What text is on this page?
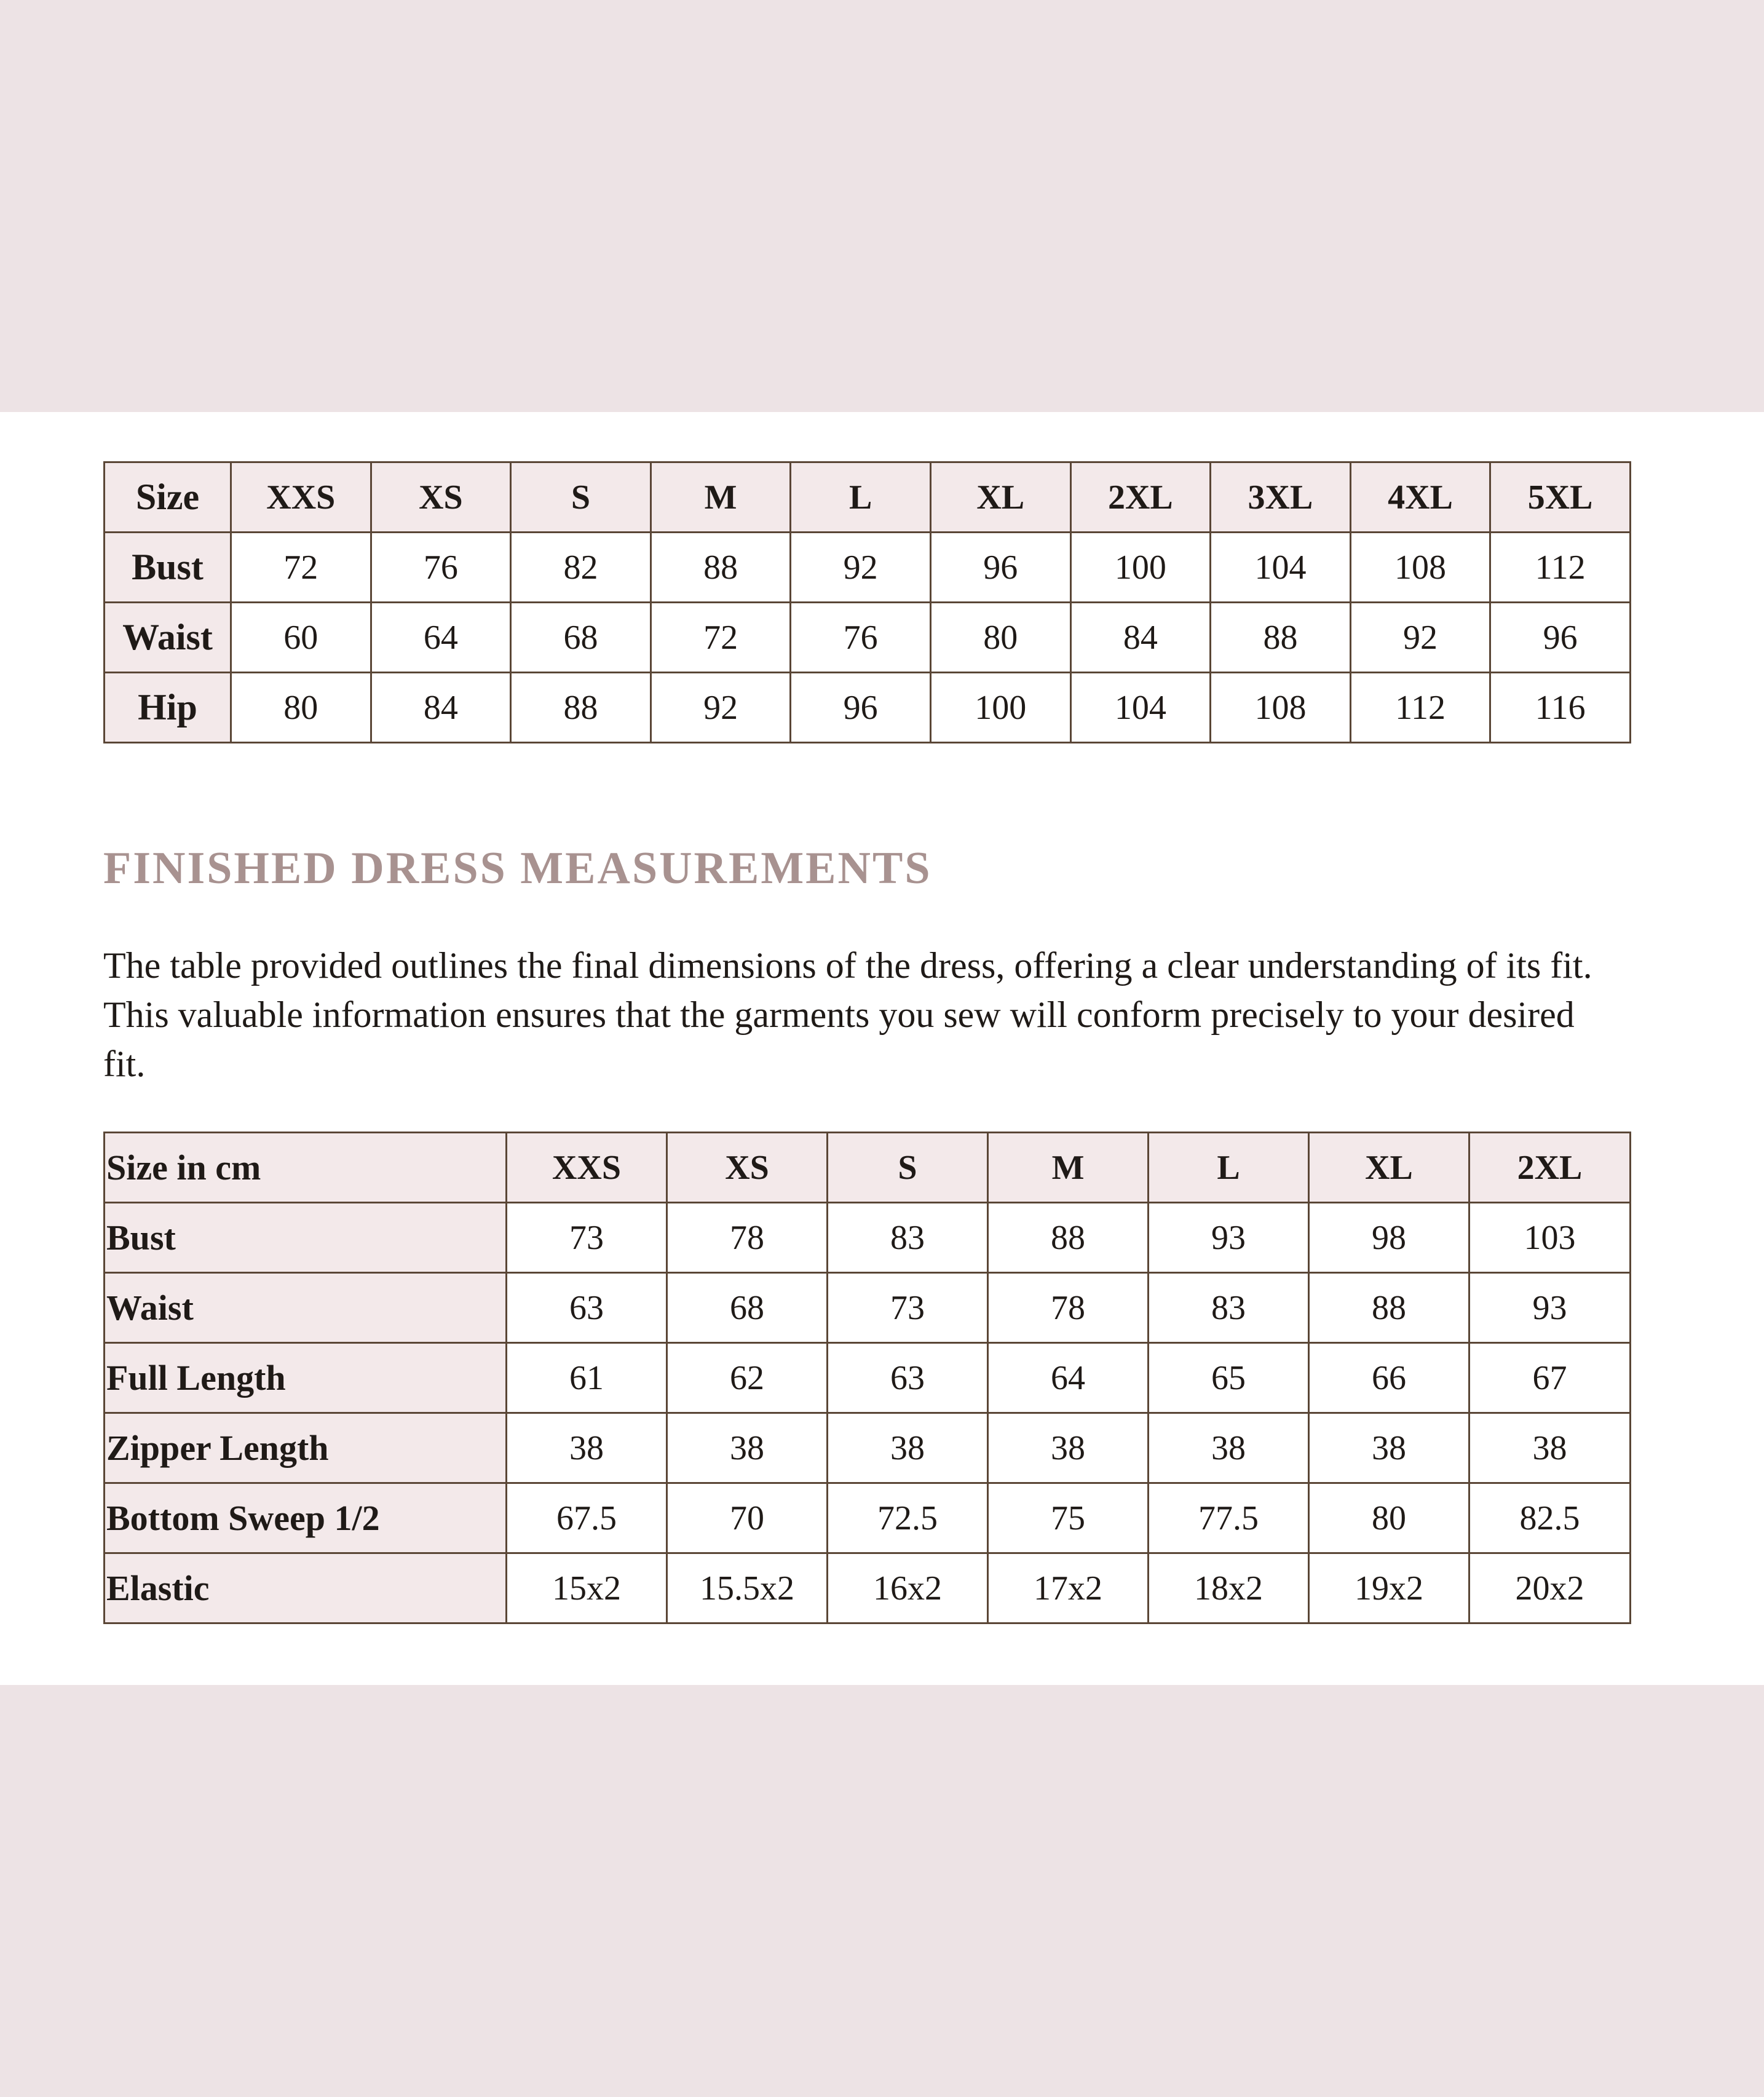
Size	XXS	XS	S	M	L	XL	2XL	3XL	4XL	5XL
Bust	72	76	82	88	92	96	100	104	108	112
Waist	60	64	68	72	76	80	84	88	92	96
Hip	80	84	88	92	96	100	104	108	112	116
FINISHED DRESS MEASUREMENTS

The table provided outlines the final dimensions of the dress, offering a clear understanding of its fit. This valuable information ensures that the garments you sew will conform precisely to your desired fit.

Size in cm	XXS	XS	S	M	L	XL	2XL
Bust	73	78	83	88	93	98	103
Waist	63	68	73	78	83	88	93
Full Length	61	62	63	64	65	66	67
Zipper Length	38	38	38	38	38	38	38
Bottom Sweep 1/2	67.5	70	72.5	75	77.5	80	82.5
Elastic	15x2	15.5x2	16x2	17x2	18x2	19x2	20x2
